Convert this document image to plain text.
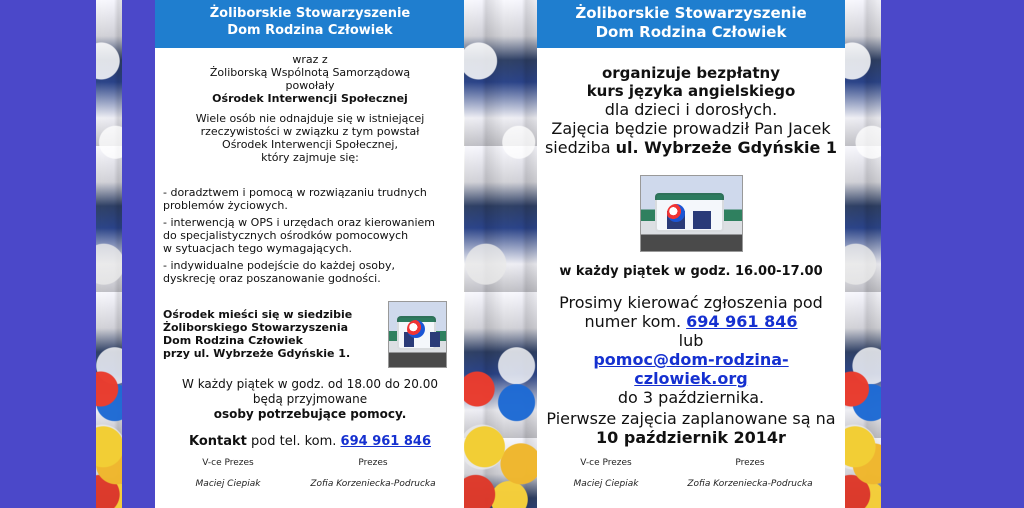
Żoliborskie Stowarzyszenie
Dom Rodzina Człowiek
wraz z
Żoliborską Wspólnotą Samorządową
powołały
Ośrodek Interwencji Społecznej
Wiele osób nie odnajduje się w istniejącej
rzeczywistości w związku z tym powstał
Ośrodek Interwencji Społecznej,
który zajmuje się:
- doradztwem i pomocą w rozwiązaniu trudnych
problemów życiowych.
- interwencją w OPS i urzędach oraz kierowaniem
do specjalistycznych ośrodków pomocowych
w sytuacjach tego wymagających.
- indywidualne podejście do każdej osoby,
dyskrecję oraz poszanowanie godności.
Ośrodek mieści się w siedzibie
Żoliborskiego Stowarzyszenia
Dom Rodzina Człowiek
przy ul. Wybrzeże Gdyńskie 1.
W każdy piątek w godz. od 18.00 do 20.00
będą przyjmowane
osoby potrzebujące pomocy.
Kontakt pod tel. kom. 694 961 846
V-ce Prezes
Maciej Ciepiak
Prezes
Zofia Korzeniecka-Podrucka
Żoliborskie Stowarzyszenie
Dom Rodzina Człowiek
organizuje bezpłatny
kurs języka angielskiego
dla dzieci i dorosłych.
Zajęcia będzie prowadził Pan Jacek
siedziba ul. Wybrzeże Gdyńskie 1
w każdy piątek w godz. 16.00-17.00
Prosimy kierować zgłoszenia pod
numer kom. 694 961 846
lub
pomoc@dom-rodzina-czlowiek.org
do 3 października.
Pierwsze zajęcia zaplanowane są na
10 październik 2014r
V-ce Prezes
Maciej Ciepiak
Prezes
Zofia Korzeniecka-Podrucka
